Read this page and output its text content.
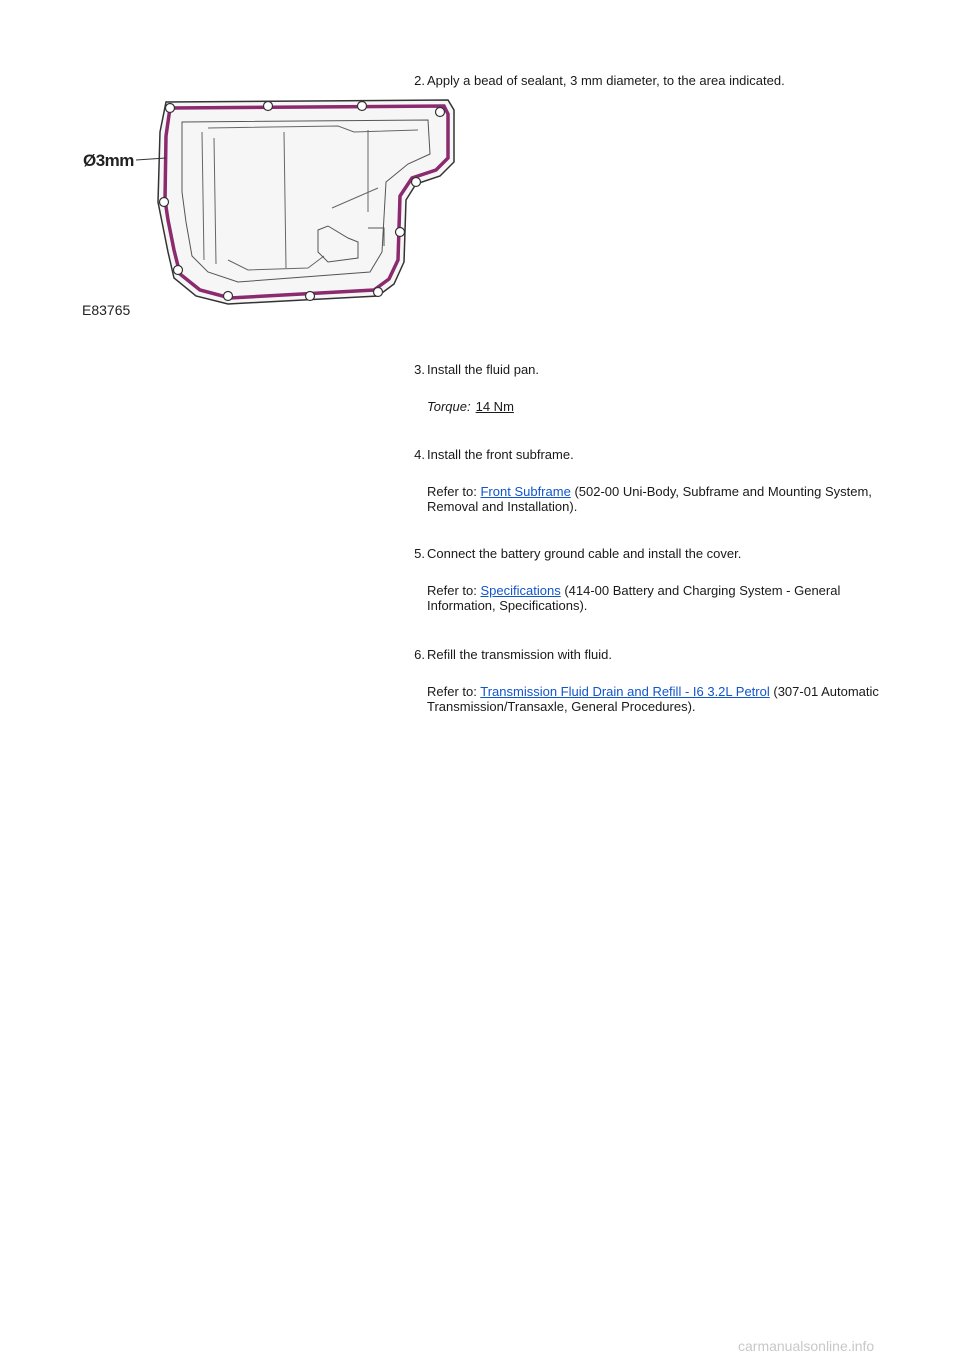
Ø3mm
E83765
2. Apply a bead of sealant, 3 mm diameter, to the area indicated.
3. Install the fluid pan.
Torque: 14 Nm
4. Install the front subframe.
Refer to: Front Subframe (502-00 Uni-Body, Subframe and Mounting System, Removal and Installation).
5. Connect the battery ground cable and install the cover.
Refer to: Specifications (414-00 Battery and Charging System - General Information, Specifications).
6. Refill the transmission with fluid.
Refer to: Transmission Fluid Drain and Refill - I6 3.2L Petrol (307-01 Automatic Transmission/Transaxle, General Procedures).
carmanualsonline.info
